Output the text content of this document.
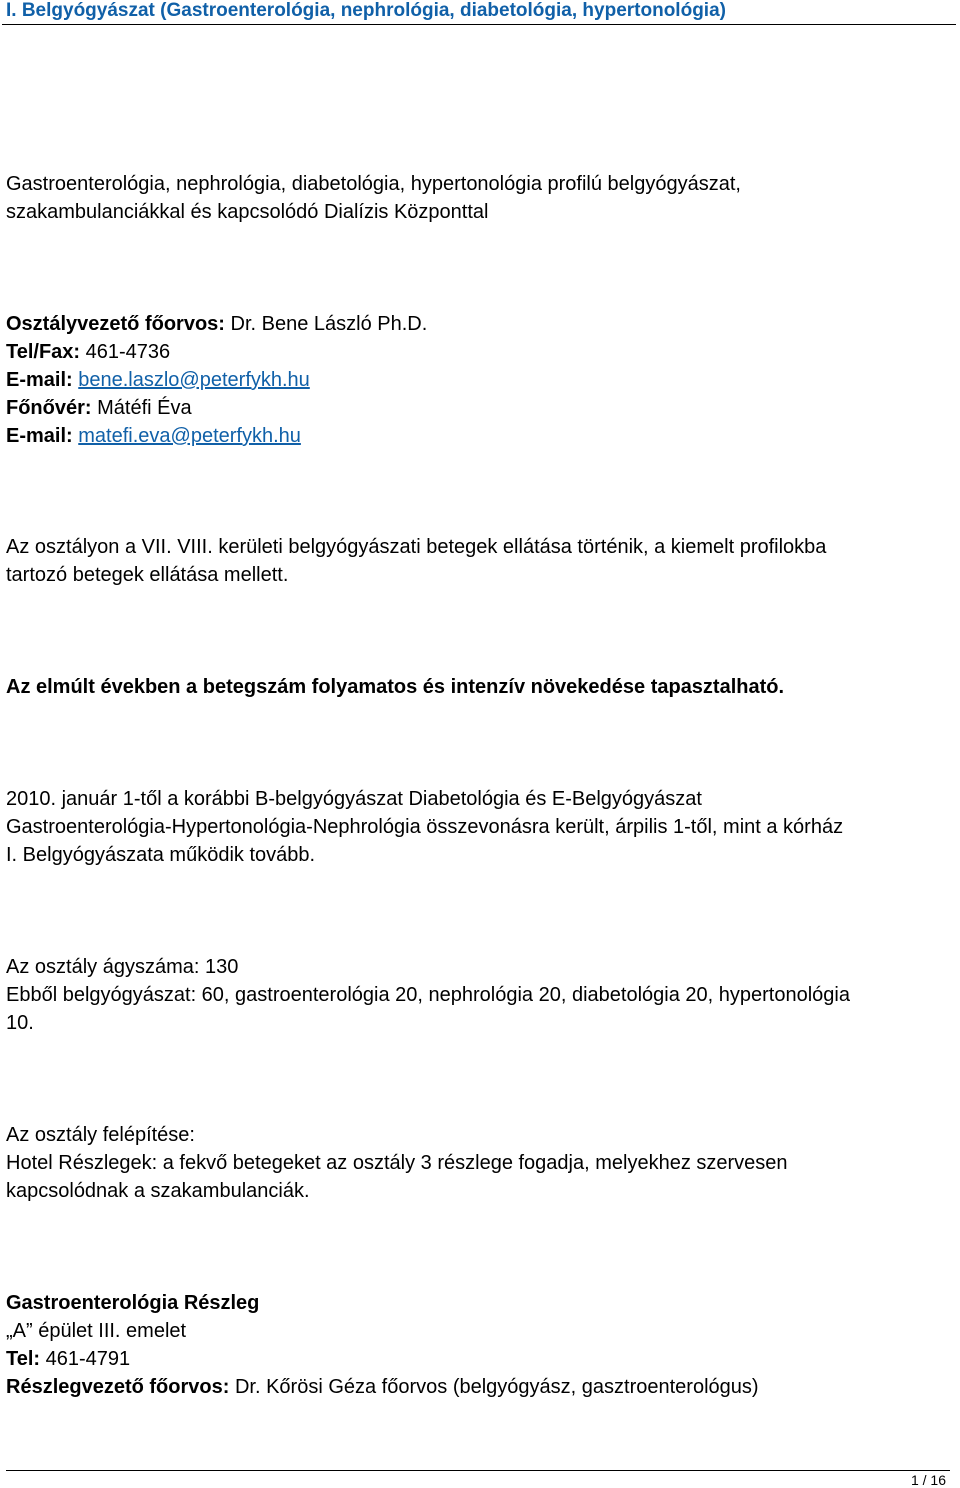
I. Belgyógyászat (Gastroenterológia, nephrológia, diabetológia, hypertonológia)
Gastroenterológia, nephrológia, diabetológia, hypertonológia profilú belgyógyászat,
szakambulanciákkal és kapcsolódó Dialízis Központtal
Osztályvezető főorvos: Dr. Bene László Ph.D.
Tel/Fax: 461-4736
E-mail: bene.laszlo@peterfykh.hu
Főnővér: Mátéfi Éva
E-mail: matefi.eva@peterfykh.hu
Az osztályon a VII. VIII. kerületi belgyógyászati betegek ellátása történik, a kiemelt profilokba
tartozó betegek ellátása mellett.
Az elmúlt években a betegszám folyamatos és intenzív növekedése tapasztalható.
2010. január 1-től a korábbi B-belgyógyászat Diabetológia és E-Belgyógyászat
Gastroenterológia-Hypertonológia-Nephrológia összevonásra került, árpilis 1-től, mint a kórház
I. Belgyógyászata működik tovább.
Az osztály ágyszáma: 130
Ebből belgyógyászat: 60, gastroenterológia 20, nephrológia 20, diabetológia 20, hypertonológia
10.
Az osztály felépítése:
Hotel Részlegek: a fekvő betegeket az osztály 3 részlege fogadja, melyekhez szervesen
kapcsolódnak a szakambulanciák.
Gastroenterológia Részleg
„A” épület III. emelet
Tel: 461-4791
Részlegvezető főorvos: Dr. Kőrösi Géza főorvos (belgyógyász, gasztroenterológus)
1 / 16
